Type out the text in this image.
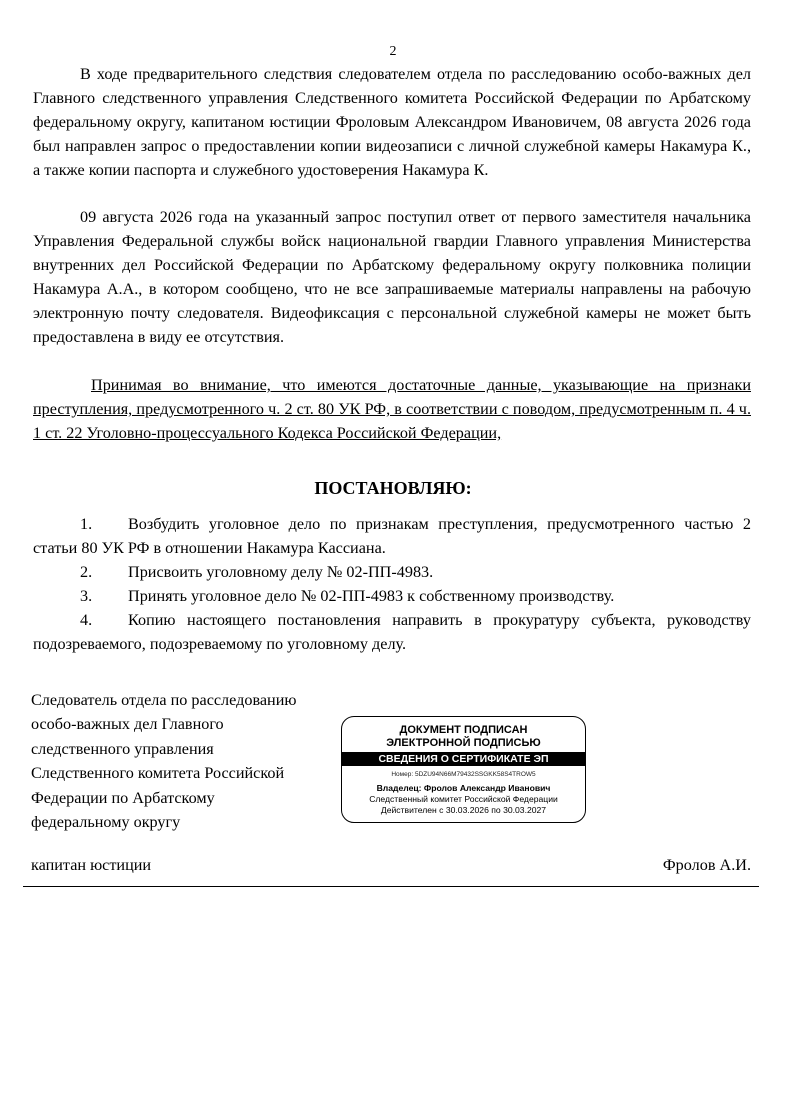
2

В ходе предварительного следствия следователем отдела по расследованию особо-важных дел Главного следственного управления Следственного комитета Российской Федерации по Арбатскому федеральному округу, капитаном юстиции Фроловым Александром Ивановичем, 08 августа 2026 года был направлен запрос о предоставлении копии видеозаписи с личной служебной камеры Накамура К., а также копии паспорта и служебного удостоверения Накамура К.

09 августа 2026 года на указанный запрос поступил ответ от первого заместителя начальника Управления Федеральной службы войск национальной гвардии Главного управления Министерства внутренних дел Российской Федерации по Арбатскому федеральному округу полковника полиции Накамура А.А., в котором сообщено, что не все запрашиваемые материалы направлены на рабочую электронную почту следователя. Видеофиксация с персональной служебной камеры не может быть предоставлена в виду ее отсутствия.

Принимая во внимание, что имеются достаточные данные, указывающие на признаки преступления, предусмотренного ч. 2 ст. 80 УК РФ, в соответствии с поводом, предусмотренным п. 4 ч. 1 ст. 22 Уголовно-процессуального Кодекса Российской Федерации,

ПОСТАНОВЛЯЮ:
1. Возбудить уголовное дело по признакам преступления, предусмотренного частью 2 статьи 80 УК РФ в отношении Накамура Кассиана.
2. Присвоить уголовному делу № 02-ПП-4983.
3. Принять уголовное дело № 02-ПП-4983 к собственному производству.
4. Копию настоящего постановления направить в прокуратуру субъекта, руководству подозреваемого, подозреваемому по уголовному делу.
Следователь отдела по расследованию
особо-важных дел Главного
следственного управления
Следственного комитета Российской
Федерации по Арбатскому
федеральному округу
ДОКУМЕНТ ПОДПИСАН
ЭЛЕКТРОННОЙ ПОДПИСЬЮ
СВЕДЕНИЯ О СЕРТИФИКАТЕ ЭП
Номер: 5DZU94N66M79432SSGKK58S4TROW5
Владелец: Фролов Александр Иванович
Следственный комитет Российской Федерации
Действителен с 30.03.2026 по 30.03.2027
капитан юстиции	Фролов А.И.
